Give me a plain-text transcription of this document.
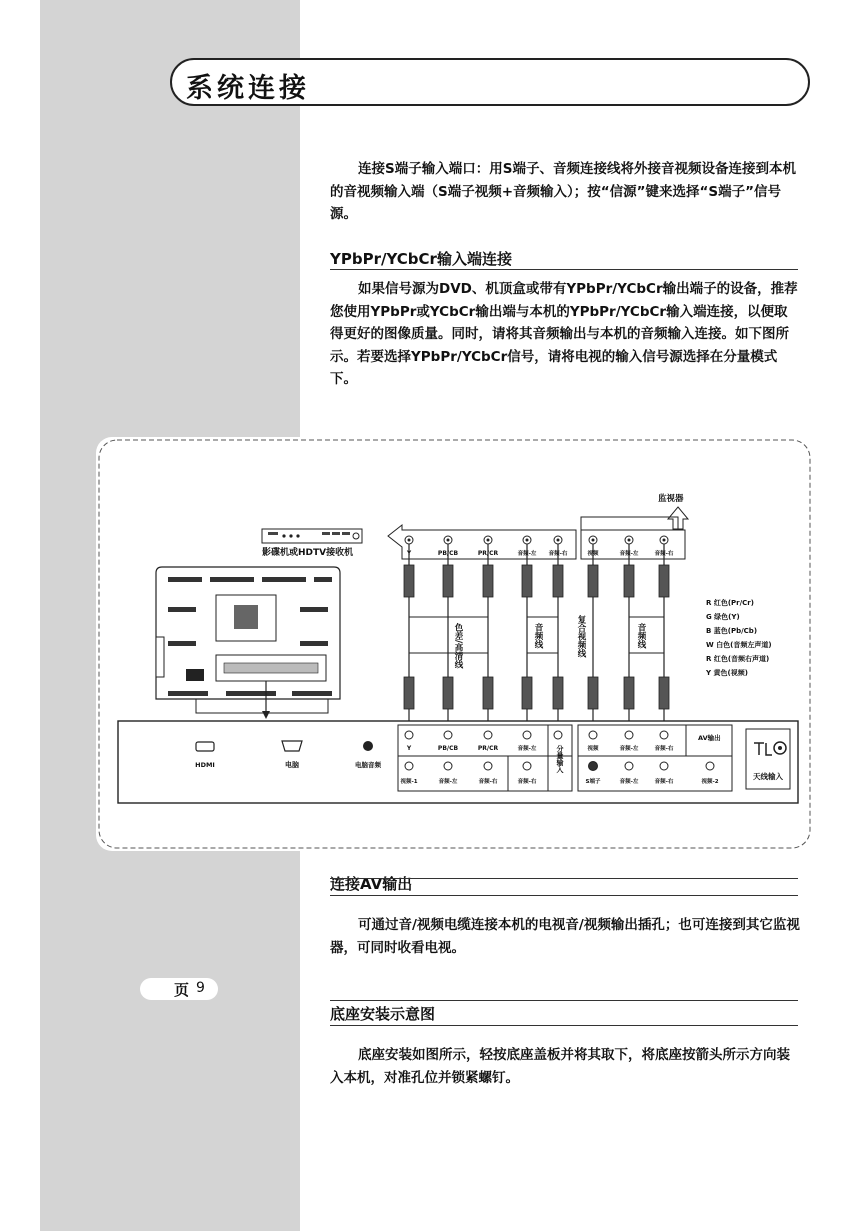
系统连接

连接S端子输入端口：用S端子、音频连接线将外接音视频设备连接到本机的音视频输入端（S端子视频+音频输入）；按“信源”键来选择“S端子”信号源。

YPbPr/YCbCr输入端连接

如果信号源为DVD、机顶盒或带有YPbPr/YCbCr输出端子的设备，推荐您使用YPbPr或YCbCr输出端与本机的YPbPr/YCbCr输入端连接，以便取得更好的图像质量。同时，请将其音频输出与本机的音频输入连接。如下图所示。若要选择YPbPr/YCbCr信号，请将电视的输入信号源选择在分量模式下。

监视器
影碟机或HDTV接收机	Y	PB/CB	PR/CR	音频-左 音频-右	视频	音频-左	音频-右
色差/高清线	音频线	复合视频线	音频线
R 红色(Pr/Cr)
G 绿色(Y)
B 蓝色(Pb/Cb)
W 白色(音频左声道)
R 红色(音频右声道)
Y 黄色(视频)
HDMI	电脑	电脑音频
Y	PB/CB	PR/CR	音频-左	分量输入
视频-1	音频-左	音频-右	音频-右
视频	音频-左	音频-右
AV输出
S端子	音频-左	音频-右	视频-2
天线输入
连接AV输出

可通过音/视频电缆连接本机的电视音/视频输出插孔；也可连接到其它监视器，可同时收看电视。

底座安装示意图

底座安装如图所示，轻按底座盖板并将其取下，将底座按箭头所示方向装入本机，对准孔位并锁紧螺钉。

页 9
